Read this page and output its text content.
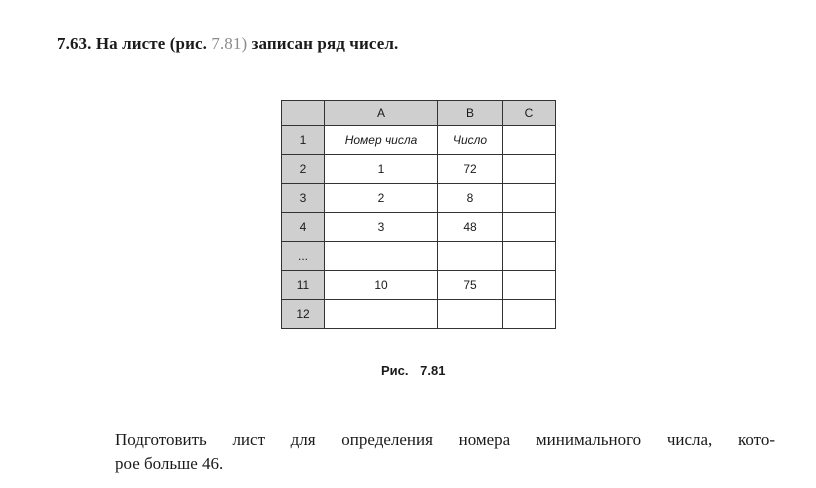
7.63. На листе (рис. 7.81) записан ряд чисел.
	A	B	C
1	Номер числа	Число	
2	1	72	
3	2	8	
4	3	48	
...			
11	10	75	
12			
Рис. 7.81
Подготовить лист для определения номера минимального числа, кото-
рое больше 46.
